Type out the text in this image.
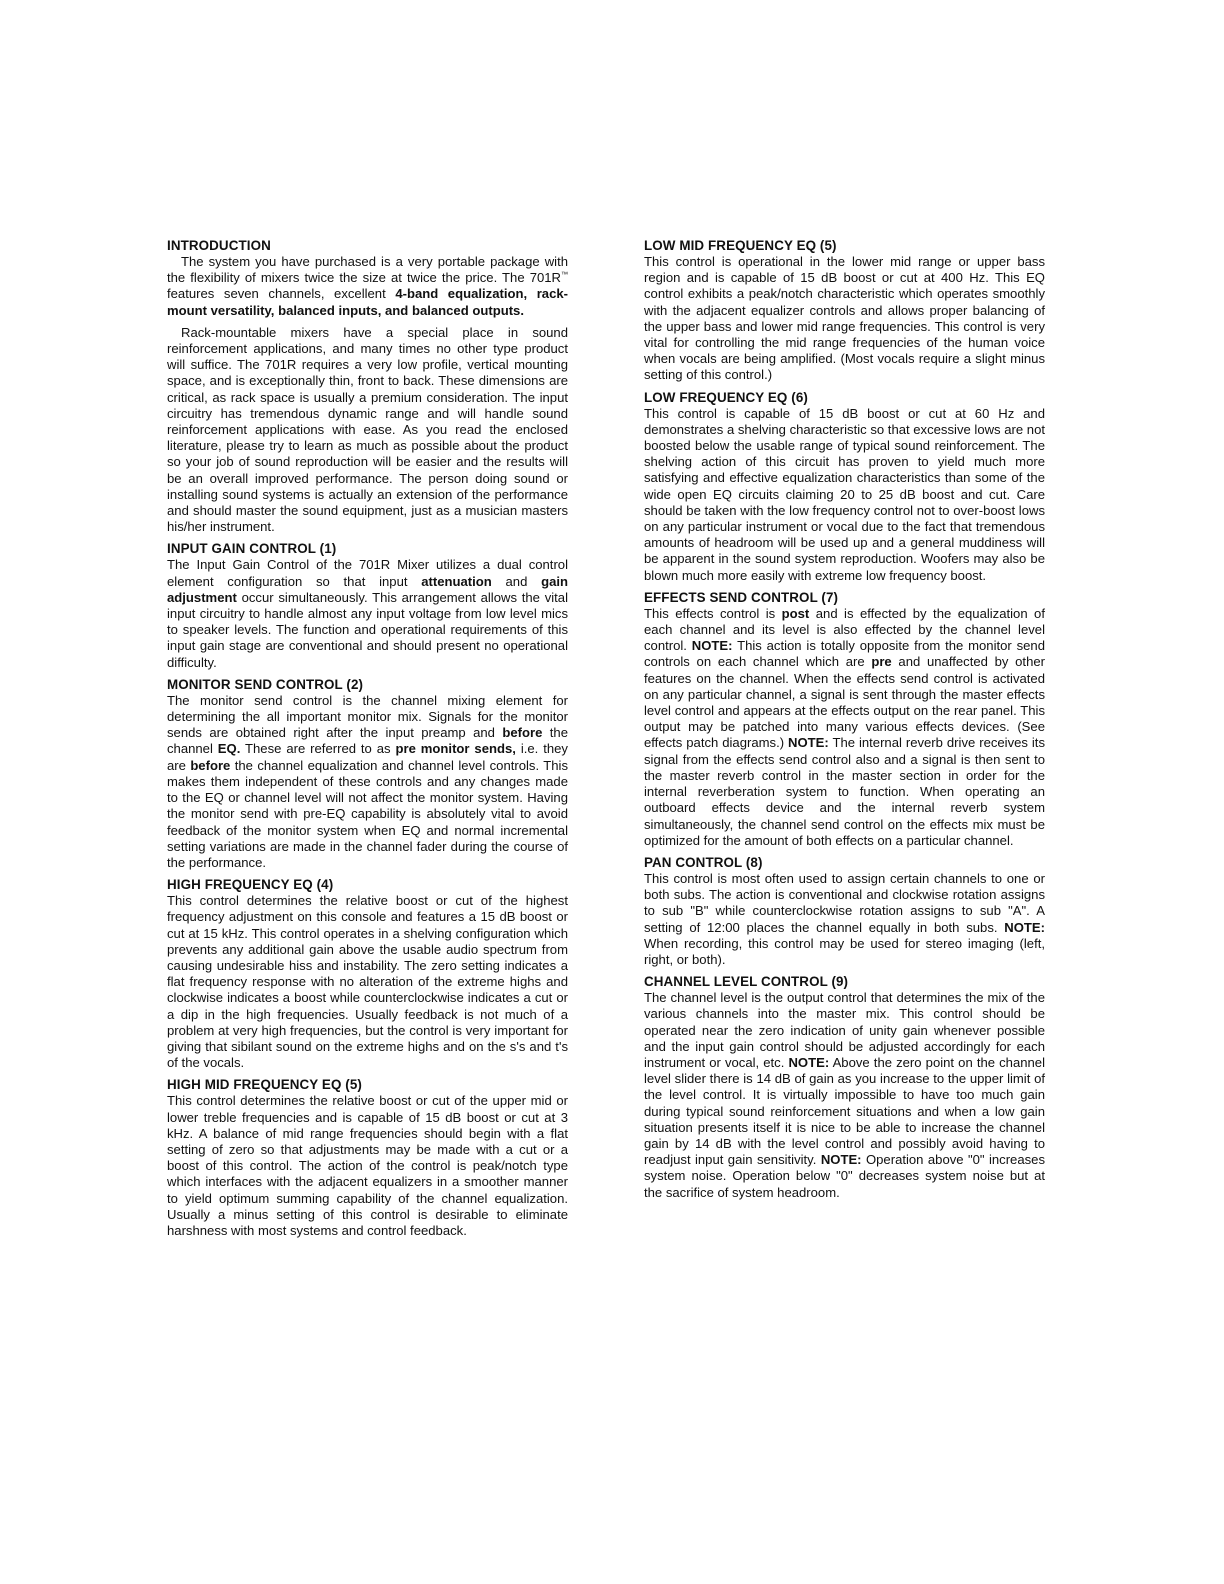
INTRODUCTION

The system you have purchased is a very portable package with the flexibility of mixers twice the size at twice the price. The 701R™ features seven channels, excellent 4-band equalization, rack-mount versatility, balanced inputs, and balanced outputs.

Rack-mountable mixers have a special place in sound reinforcement applications, and many times no other type product will suffice. The 701R requires a very low profile, vertical mounting space, and is exceptionally thin, front to back. These dimensions are critical, as rack space is usually a premium consideration. The input circuitry has tremendous dynamic range and will handle sound reinforcement applications with ease. As you read the enclosed literature, please try to learn as much as possible about the product so your job of sound reproduction will be easier and the results will be an overall improved performance. The person doing sound or installing sound systems is actually an extension of the performance and should master the sound equipment, just as a musician masters his/her instrument.

INPUT GAIN CONTROL (1)

The Input Gain Control of the 701R Mixer utilizes a dual control element configuration so that input attenuation and gain adjustment occur simultaneously. This arrangement allows the vital input circuitry to handle almost any input voltage from low level mics to speaker levels. The function and operational requirements of this input gain stage are conventional and should present no operational difficulty.

MONITOR SEND CONTROL (2)

The monitor send control is the channel mixing element for determining the all important monitor mix. Signals for the monitor sends are obtained right after the input preamp and before the channel EQ. These are referred to as pre monitor sends, i.e. they are before the channel equalization and channel level controls. This makes them independent of these controls and any changes made to the EQ or channel level will not affect the monitor system. Having the monitor send with pre-EQ capability is absolutely vital to avoid feedback of the monitor system when EQ and normal incremental setting variations are made in the channel fader during the course of the performance.

HIGH FREQUENCY EQ (4)

This control determines the relative boost or cut of the highest frequency adjustment on this console and features a 15 dB boost or cut at 15 kHz. This control operates in a shelving configuration which prevents any additional gain above the usable audio spectrum from causing undesirable hiss and instability. The zero setting indicates a flat frequency response with no alteration of the extreme highs and clockwise indicates a boost while counterclockwise indicates a cut or a dip in the high frequencies. Usually feedback is not much of a problem at very high frequencies, but the control is very important for giving that sibilant sound on the extreme highs and on the s's and t's of the vocals.

HIGH MID FREQUENCY EQ (5)

This control determines the relative boost or cut of the upper mid or lower treble frequencies and is capable of 15 dB boost or cut at 3 kHz. A balance of mid range frequencies should begin with a flat setting of zero so that adjustments may be made with a cut or a boost of this control. The action of the control is peak/notch type which interfaces with the adjacent equalizers in a smoother manner to yield optimum summing capability of the channel equalization. Usually a minus setting of this control is desirable to eliminate harshness with most systems and control feedback.

LOW MID FREQUENCY EQ (5)

This control is operational in the lower mid range or upper bass region and is capable of 15 dB boost or cut at 400 Hz. This EQ control exhibits a peak/notch characteristic which operates smoothly with the adjacent equalizer controls and allows proper balancing of the upper bass and lower mid range frequencies. This control is very vital for controlling the mid range frequencies of the human voice when vocals are being amplified. (Most vocals require a slight minus setting of this control.)

LOW FREQUENCY EQ (6)

This control is capable of 15 dB boost or cut at 60 Hz and demonstrates a shelving characteristic so that excessive lows are not boosted below the usable range of typical sound reinforcement. The shelving action of this circuit has proven to yield much more satisfying and effective equalization characteristics than some of the wide open EQ circuits claiming 20 to 25 dB boost and cut. Care should be taken with the low frequency control not to over-boost lows on any particular instrument or vocal due to the fact that tremendous amounts of headroom will be used up and a general muddiness will be apparent in the sound system reproduction. Woofers may also be blown much more easily with extreme low frequency boost.

EFFECTS SEND CONTROL (7)

This effects control is post and is effected by the equalization of each channel and its level is also effected by the channel level control. NOTE: This action is totally opposite from the monitor send controls on each channel which are pre and unaffected by other features on the channel. When the effects send control is activated on any particular channel, a signal is sent through the master effects level control and appears at the effects output on the rear panel. This output may be patched into many various effects devices. (See effects patch diagrams.) NOTE: The internal reverb drive receives its signal from the effects send control also and a signal is then sent to the master reverb control in the master section in order for the internal reverberation system to function. When operating an outboard effects device and the internal reverb system simultaneously, the channel send control on the effects mix must be optimized for the amount of both effects on a particular channel.

PAN CONTROL (8)

This control is most often used to assign certain channels to one or both subs. The action is conventional and clockwise rotation assigns to sub "B" while counterclockwise rotation assigns to sub "A". A setting of 12:00 places the channel equally in both subs. NOTE: When recording, this control may be used for stereo imaging (left, right, or both).

CHANNEL LEVEL CONTROL (9)

The channel level is the output control that determines the mix of the various channels into the master mix. This control should be operated near the zero indication of unity gain whenever possible and the input gain control should be adjusted accordingly for each instrument or vocal, etc. NOTE: Above the zero point on the channel level slider there is 14 dB of gain as you increase to the upper limit of the level control. It is virtually impossible to have too much gain during typical sound reinforcement situations and when a low gain situation presents itself it is nice to be able to increase the channel gain by 14 dB with the level control and possibly avoid having to readjust input gain sensitivity. NOTE: Operation above "0" increases system noise. Operation below "0" decreases system noise but at the sacrifice of system headroom.
